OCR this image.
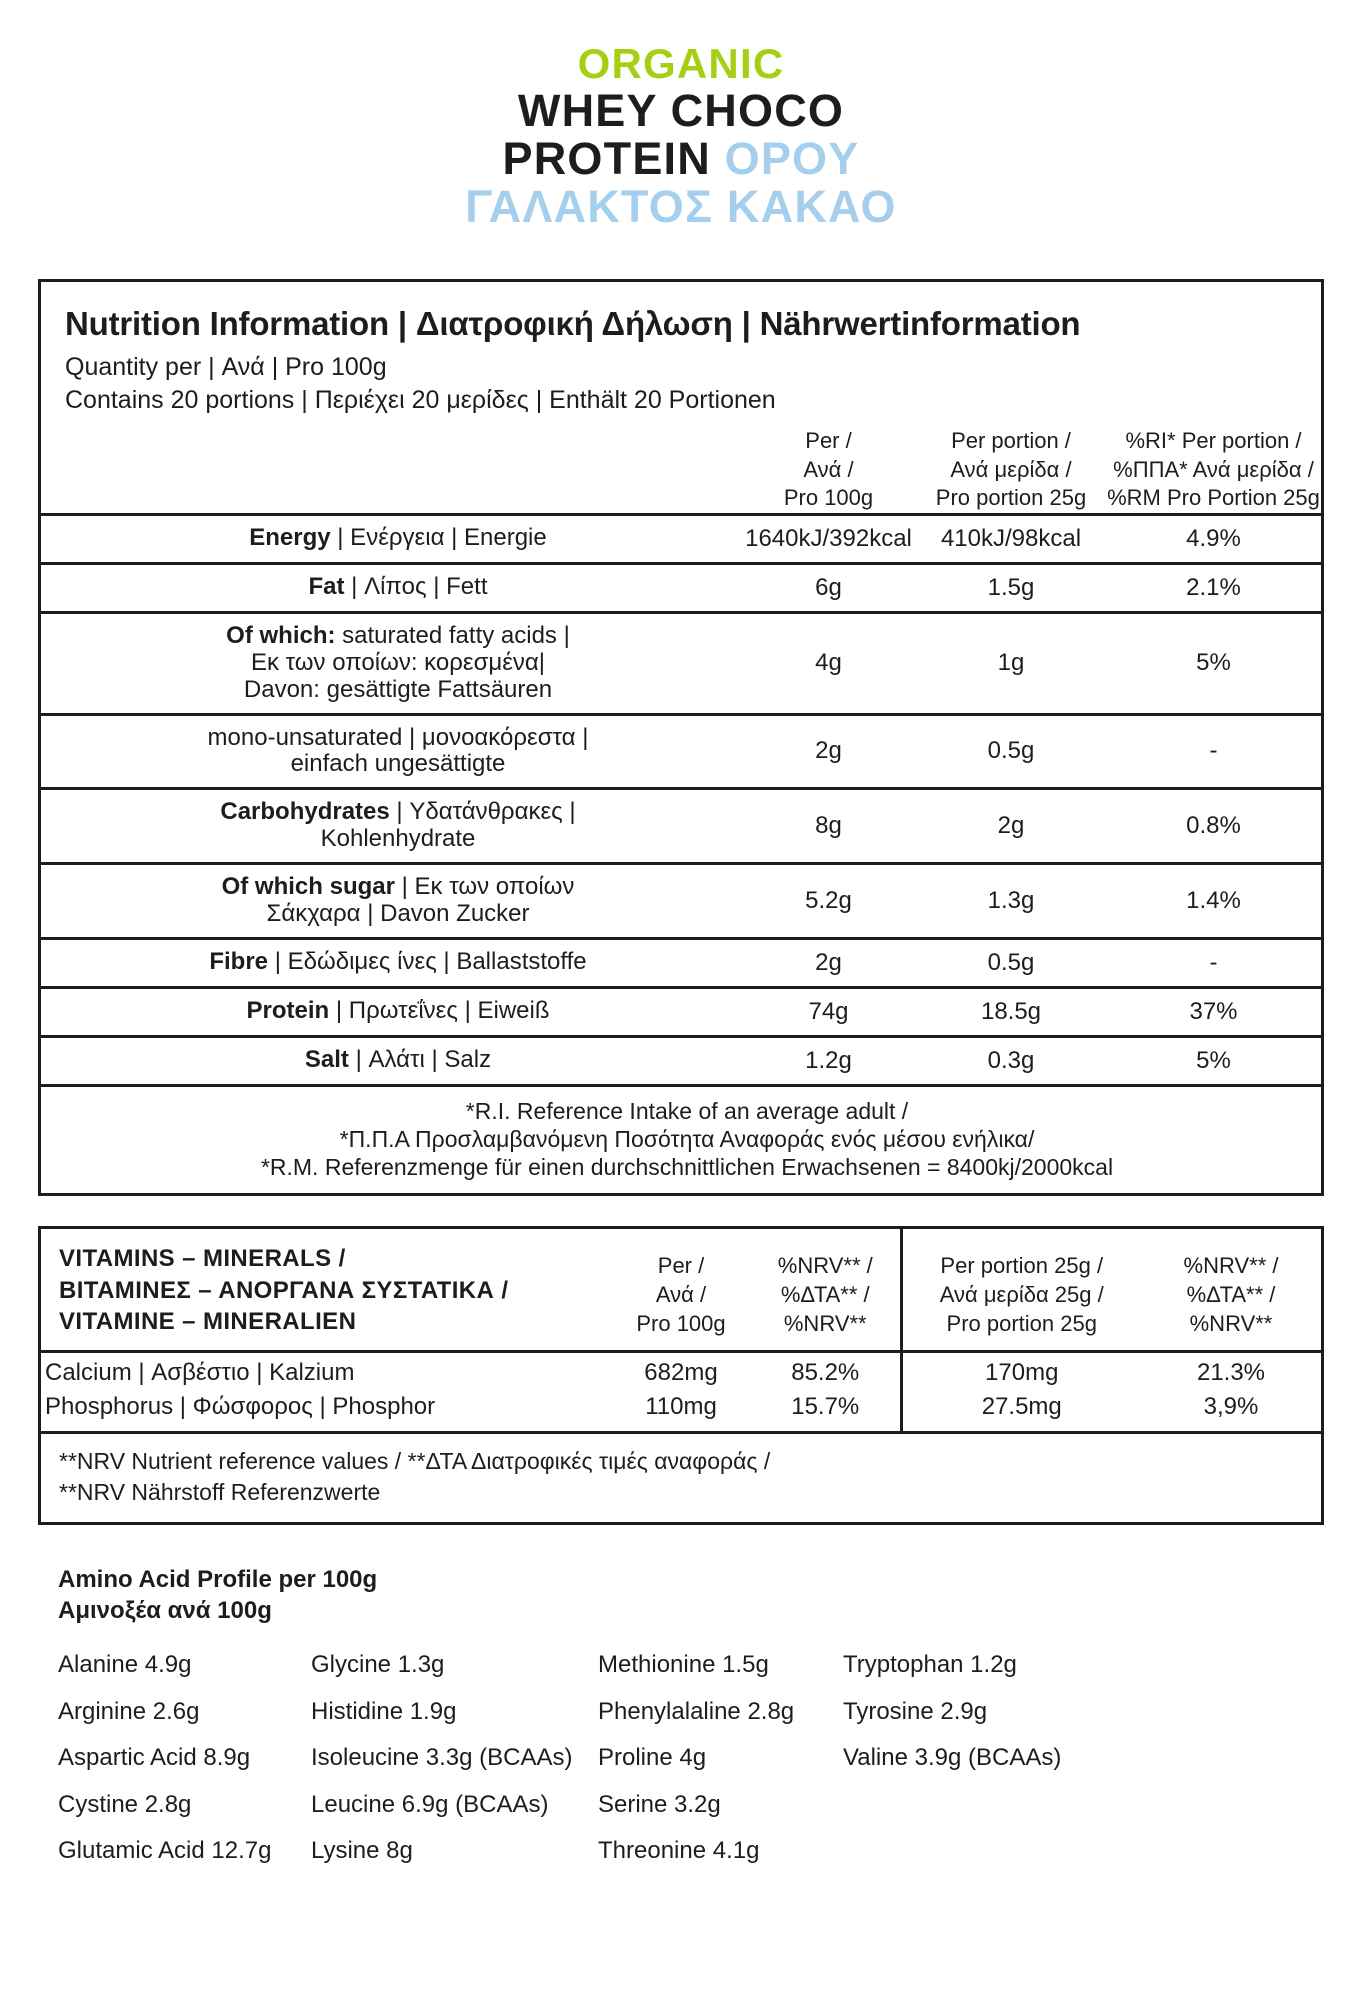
ORGANIC
WHEY CHOCO
PROTEIN OPOY
ΓΑΛΑΚΤΟΣ ΚΑΚΑΟ
Nutrition Information | Διατροφική Δήλωση | Nährwertinformation
Quantity per | Ανά | Pro 100g
Contains 20 portions | Περιέχει 20 μερίδες | Enthält 20 Portionen

Per /
Ανά /
Pro 100g

Per portion /
Ανά μερίδα /
Pro portion 25g

%RI* Per portion /
%ΠΠΑ* Ανά μερίδα /
%RM Pro Portion 25g

Energy | Ενέργεια | Energie	1640kJ/392kcal	410kJ/98kcal	4.9%
Fat | Λίπος | Fett	6g	1.5g	2.1%

Of which: saturated fatty acids |
Εκ των οποίων: κορεσμένα|
Davon: gesättigte Fattsäuren	4g	1g	5%

mono-unsaturated | μονοακόρεστα |
einfach ungesättigte	2g	0.5g	-

Carbohydrates | Υδατάνθρακες |
Kohlenhydrate	8g	2g	0.8%

Of which sugar | Εκ των οποίων
Σάκχαρα | Davon Zucker	5.2g	1.3g	1.4%
Fibre | Εδώδιμες ίνες | Ballaststoffe	2g	0.5g	-
Protein | Πρωτεΐνες | Eiweiß	74g	18.5g	37%
Salt | Αλάτι | Salz	1.2g	0.3g	5%

*R.I. Reference Intake of an average adult /
*Π.Π.Α Προσλαμβανόμενη Ποσότητα Αναφοράς ενός μέσου ενήλικα/
*R.M. Referenzmenge für einen durchschnittlichen Erwachsenen = 8400kj/2000kcal			
VITAMINS – MINERALS /
ΒΙΤΑΜΙΝΕΣ – ΑΝΟΡΓΑΝΑ ΣΥΣΤΑΤΙΚΑ /
VITAMINE – MINERALIEN

Per /
Ανά /
Pro 100g

%NRV** /
%ΔΤΑ** /
%NRV**

Per portion 25g /
Ανά μερίδα 25g /
Pro portion 25g

%NRV** /
%ΔΤΑ** /
%NRV**

Calcium | Ασβέστιο | Kalzium	682mg	85.2%	170mg	21.3%
Phosphorus | Φώσφορος | Phosphor	110mg	15.7%	27.5mg	3,9%
**NRV Nutrient reference values / **ΔΤΑ Διατροφικές τιμές αναφοράς /
**NRV Nährstoff Referenzwerte
Amino Acid Profile per 100g
Αμινοξέα ανά 100g
Alanine 4.9g	Glycine 1.3g	Methionine 1.5g	Tryptophan 1.2g
Arginine 2.6g	Histidine 1.9g	Phenylalaline 2.8g	Tyrosine 2.9g
Aspartic Acid 8.9g	Isoleucine 3.3g (BCAAs)	Proline 4g	Valine 3.9g (BCAAs)
Cystine 2.8g	Leucine 6.9g (BCAAs)	Serine 3.2g
Glutamic Acid 12.7g	Lysine 8g	Threonine 4.1g
